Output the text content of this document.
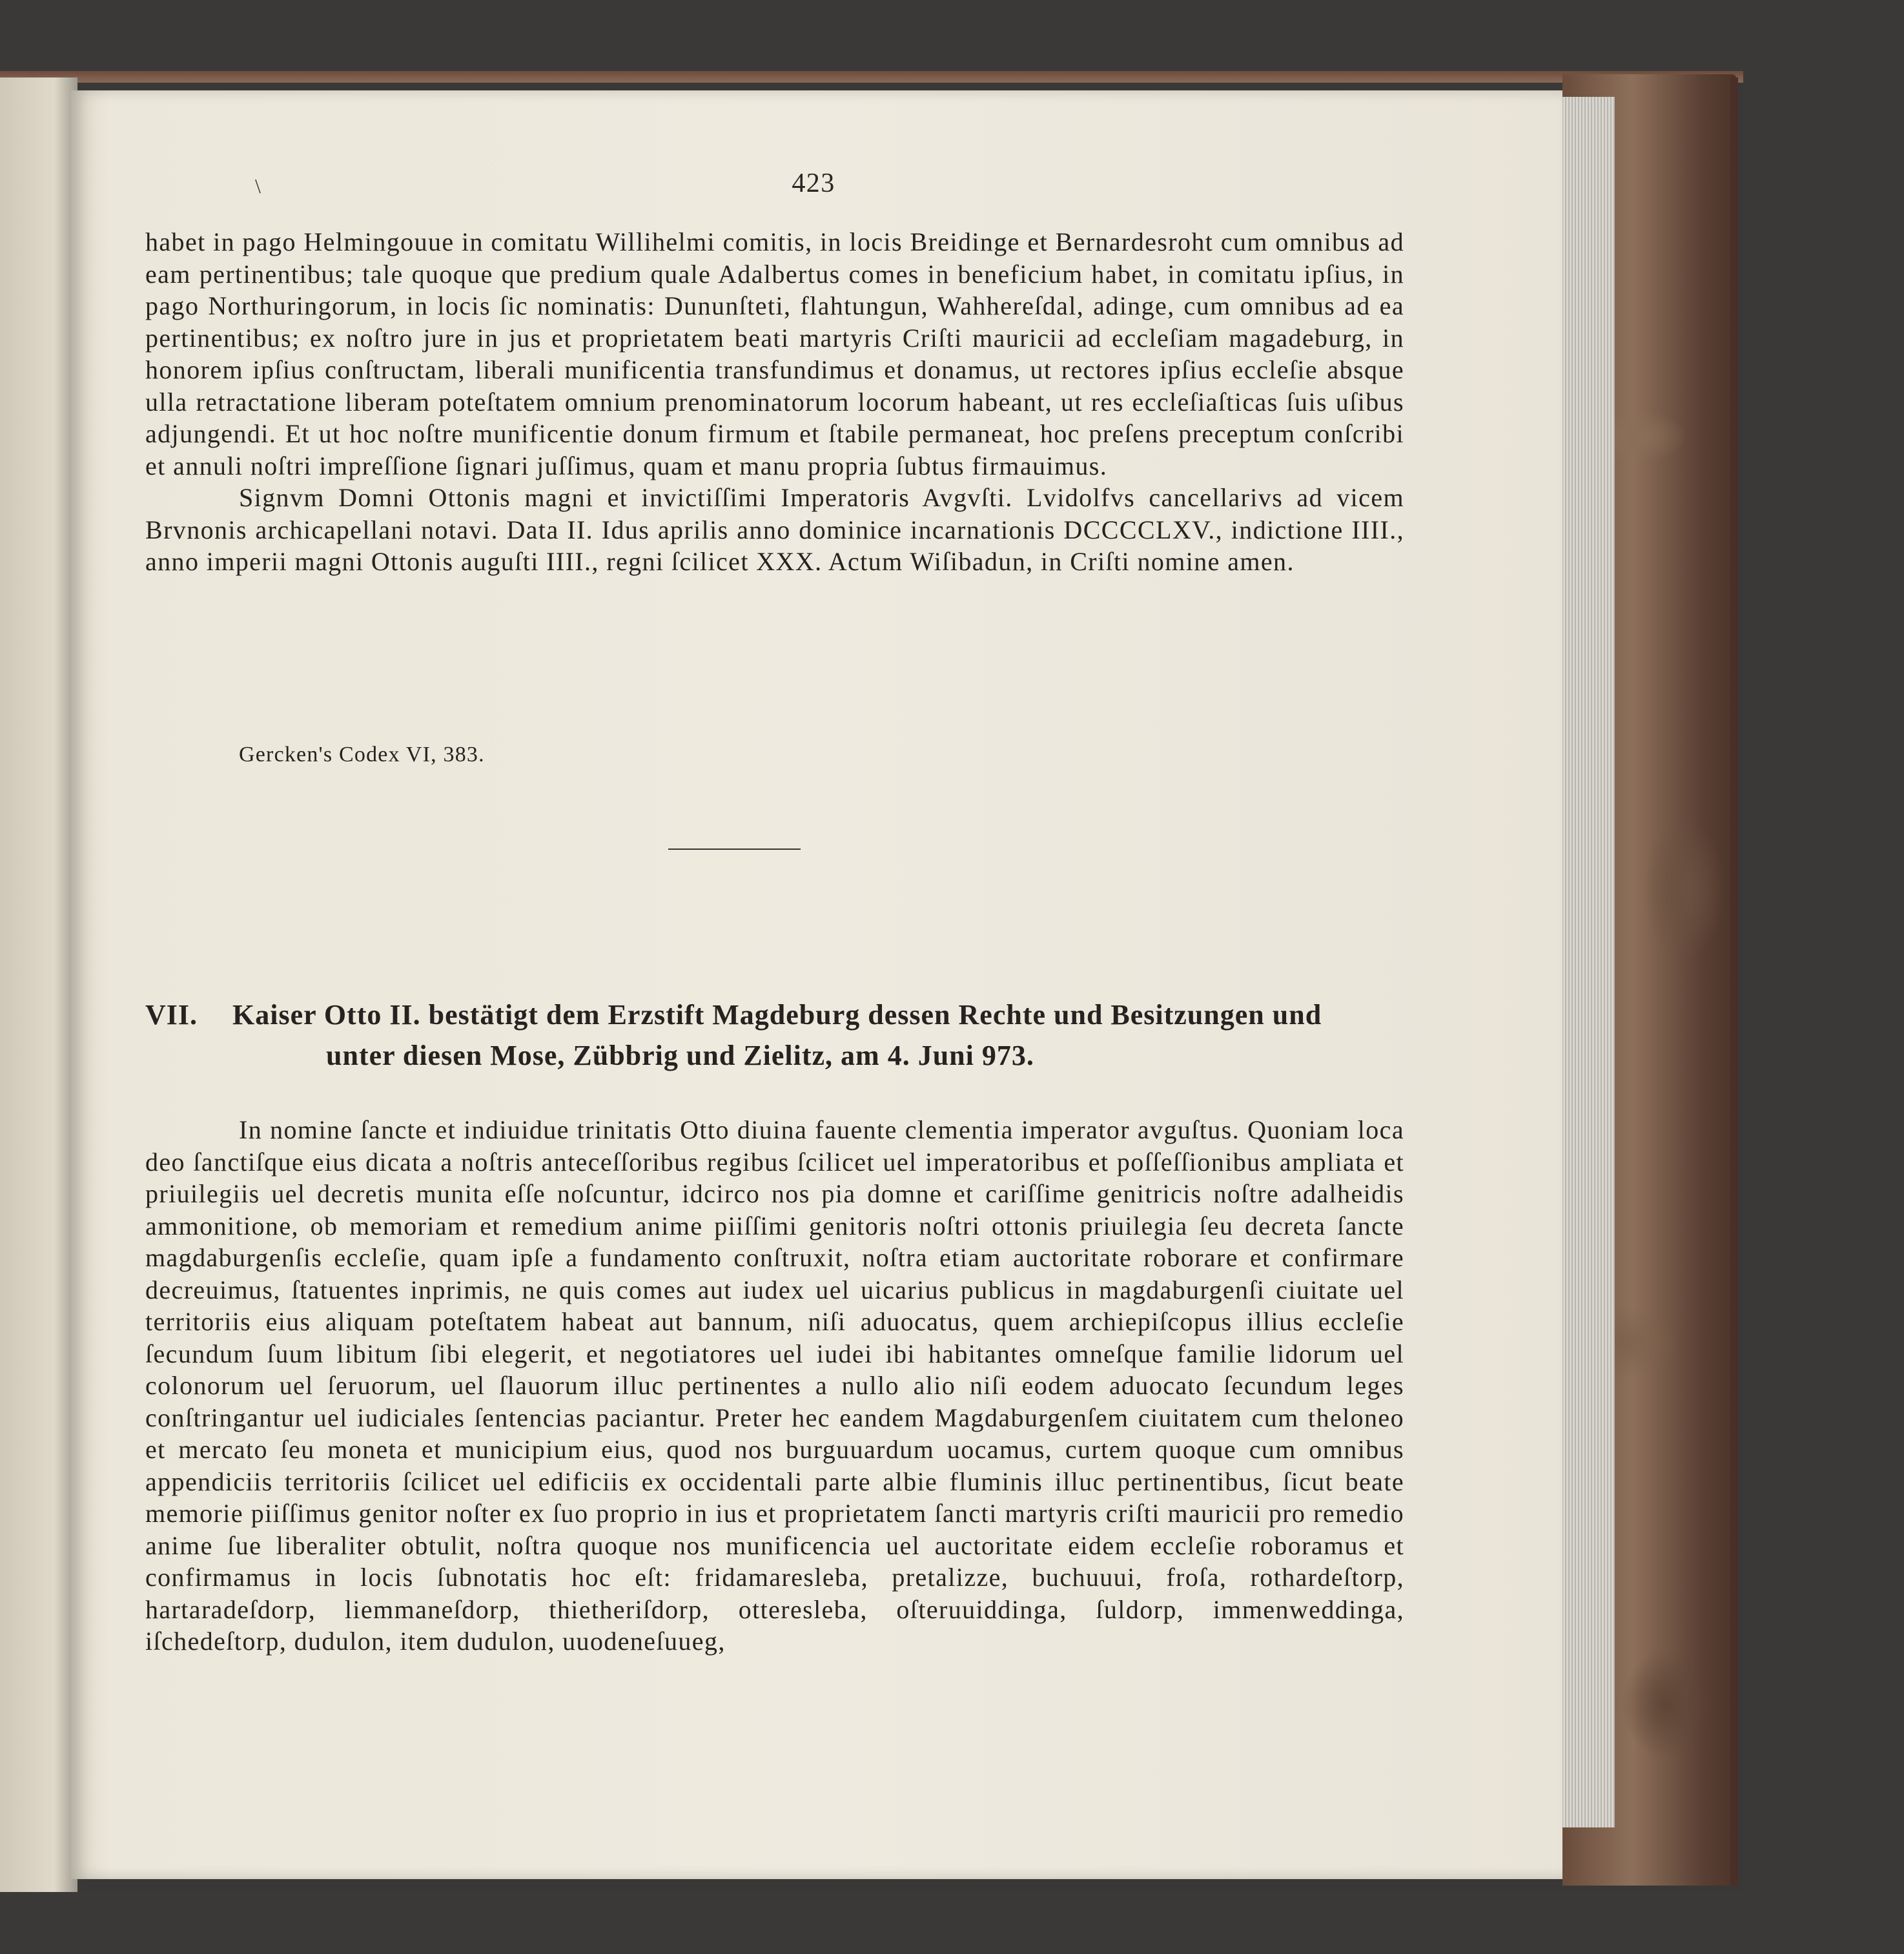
\	423

habet in pago Helmingouue in comitatu Willihelmi comitis, in locis Breidinge et Bernardesroht cum omnibus ad eam pertinentibus; tale quoque que predium quale Adalbertus comes in beneficium habet, in comitatu ipſius, in pago Northuringorum, in locis ſic nominatis: Dununſteti, flahtungun, Wahhereſdal, adinge, cum omnibus ad ea pertinentibus; ex noſtro jure in jus et proprietatem beati martyris Criſti mauricii ad eccleſiam magadeburg, in honorem ipſius conſtructam, liberali munificentia transfundimus et donamus, ut rectores ipſius eccleſie absque ulla retractatione liberam poteſtatem omnium prenominatorum locorum habeant, ut res eccleſiaſticas ſuis uſibus adjungendi. Et ut hoc noſtre munificentie donum firmum et ſtabile permaneat, hoc preſens preceptum conſcribi et annuli noſtri impreſſione ſignari juſſimus, quam et manu propria ſubtus firmauimus.

Signvm Domni Ottonis magni et invictiſſimi Imperatoris Avgvſti. Lvidolfvs cancellarivs ad vicem Brvnonis archicapellani notavi. Data II. Idus aprilis anno dominice incarnationis DCCCCLXV., indictione IIII., anno imperii magni Ottonis auguſti IIII., regni ſcilicet XXX. Actum Wiſibadun, in Criſti nomine amen.

Gercken's Codex VI, 383.
VII. Kaiser Otto II. bestätigt dem Erzstift Magdeburg dessen Rechte und Besitzungen und

unter diesen Mose, Zübbrig und Zielitz, am 4. Juni 973.

In nomine ſancte et indiuidue trinitatis Otto diuina fauente clementia imperator avguſtus. Quoniam loca deo ſanctiſque eius dicata a noſtris anteceſſoribus regibus ſcilicet uel imperatoribus et poſſeſſionibus ampliata et priuilegiis uel decretis munita eſſe noſcuntur, idcirco nos pia domne et cariſſime genitricis noſtre adalheidis ammonitione, ob memoriam et remedium anime piiſſimi genitoris noſtri ottonis priuilegia ſeu decreta ſancte magdaburgenſis eccleſie, quam ipſe a fundamento conſtruxit, noſtra etiam auctoritate roborare et confirmare decreuimus, ſtatuentes inprimis, ne quis comes aut iudex uel uicarius publicus in magdaburgenſi ciuitate uel territoriis eius aliquam poteſtatem habeat aut bannum, niſi aduocatus, quem archiepiſcopus illius eccleſie ſecundum ſuum libitum ſibi elegerit, et negotiatores uel iudei ibi habitantes omneſque familie lidorum uel colonorum uel ſeruorum, uel ſlauorum illuc pertinentes a nullo alio niſi eodem aduocato ſecundum leges conſtringantur uel iudiciales ſentencias paciantur. Preter hec eandem Magdaburgenſem ciuitatem cum theloneo et mercato ſeu moneta et municipium eius, quod nos burguuardum uocamus, curtem quoque cum omnibus appendiciis territoriis ſcilicet uel edificiis ex occidentali parte albie fluminis illuc pertinentibus, ſicut beate memorie piiſſimus genitor noſter ex ſuo proprio in ius et proprietatem ſancti martyris criſti mauricii pro remedio anime ſue liberaliter obtulit, noſtra quoque nos munificencia uel auctoritate eidem eccleſie roboramus et confirmamus in locis ſubnotatis hoc eſt: fridamaresleba, pretalizze, buchuuui, froſa, rothardeſtorp, hartaradeſdorp, liemmaneſdorp, thietheriſdorp, otteresleba, oſteruuiddinga, ſuldorp, immenweddinga, iſchedeſtorp, dudulon, item dudulon, uuodeneſuueg,
